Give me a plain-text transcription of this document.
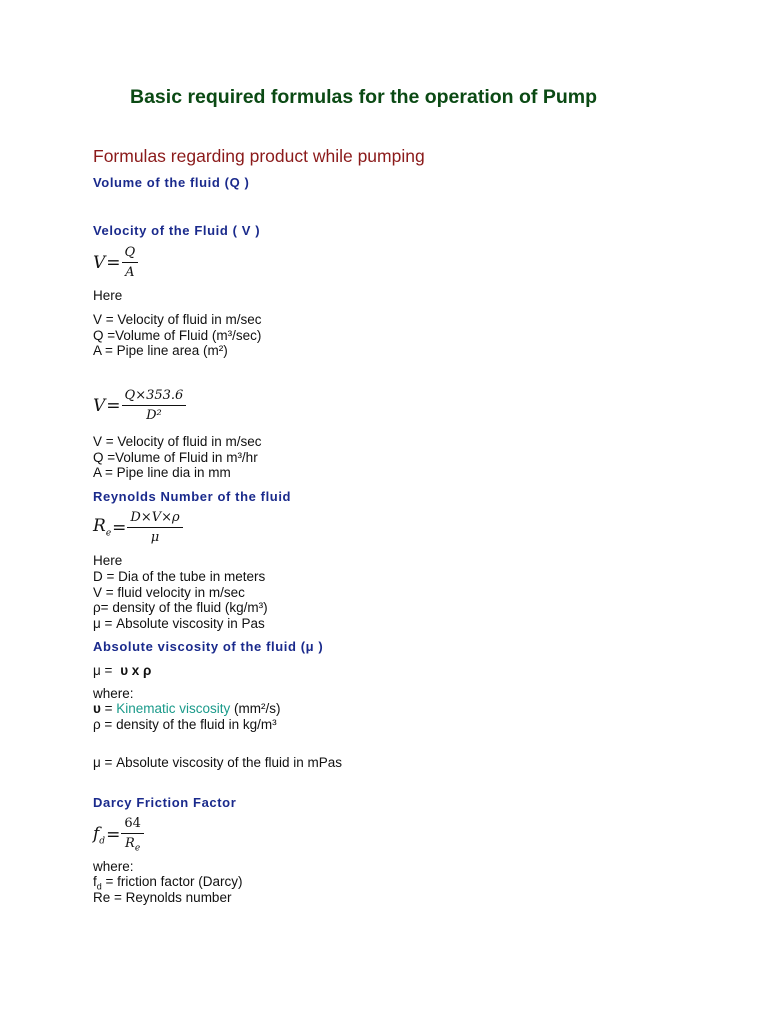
Basic required formulas for the operation of Pump
Formulas regarding product while pumping
Volume of the fluid (Q )
Velocity of the Fluid ( V )
$V= \frac{Q}{A}$
Here
V = Velocity of fluid in m/sec
Q =Volume of Fluid (m³/sec)
A = Pipe line area (m²)
$V= \frac{Q\times 353.6}{\text{D²}}$
V = Velocity of fluid in m/sec
Q =Volume of Fluid in m³/hr
A = Pipe line dia in mm
Reynolds Number of the fluid
$R_e= \frac{D\times V\times\rho}{\mu}$
Here
D = Dia of the tube in meters
V = fluid velocity in m/sec
ρ= density of the fluid (kg/m³)
μ = Absolute viscosity in Pas
Absolute viscosity of the fluid (μ )
μ = υ x ρ
where:
υ = Kinematic viscosity (mm²/s)
ρ = density of the fluid in kg/m³
μ = Absolute viscosity of the fluid in mPas
Darcy Friction Factor
$f_d= \frac{64}{R_e}$
where:
$f_d$ = friction factor (Darcy)
Re = Reynolds number
